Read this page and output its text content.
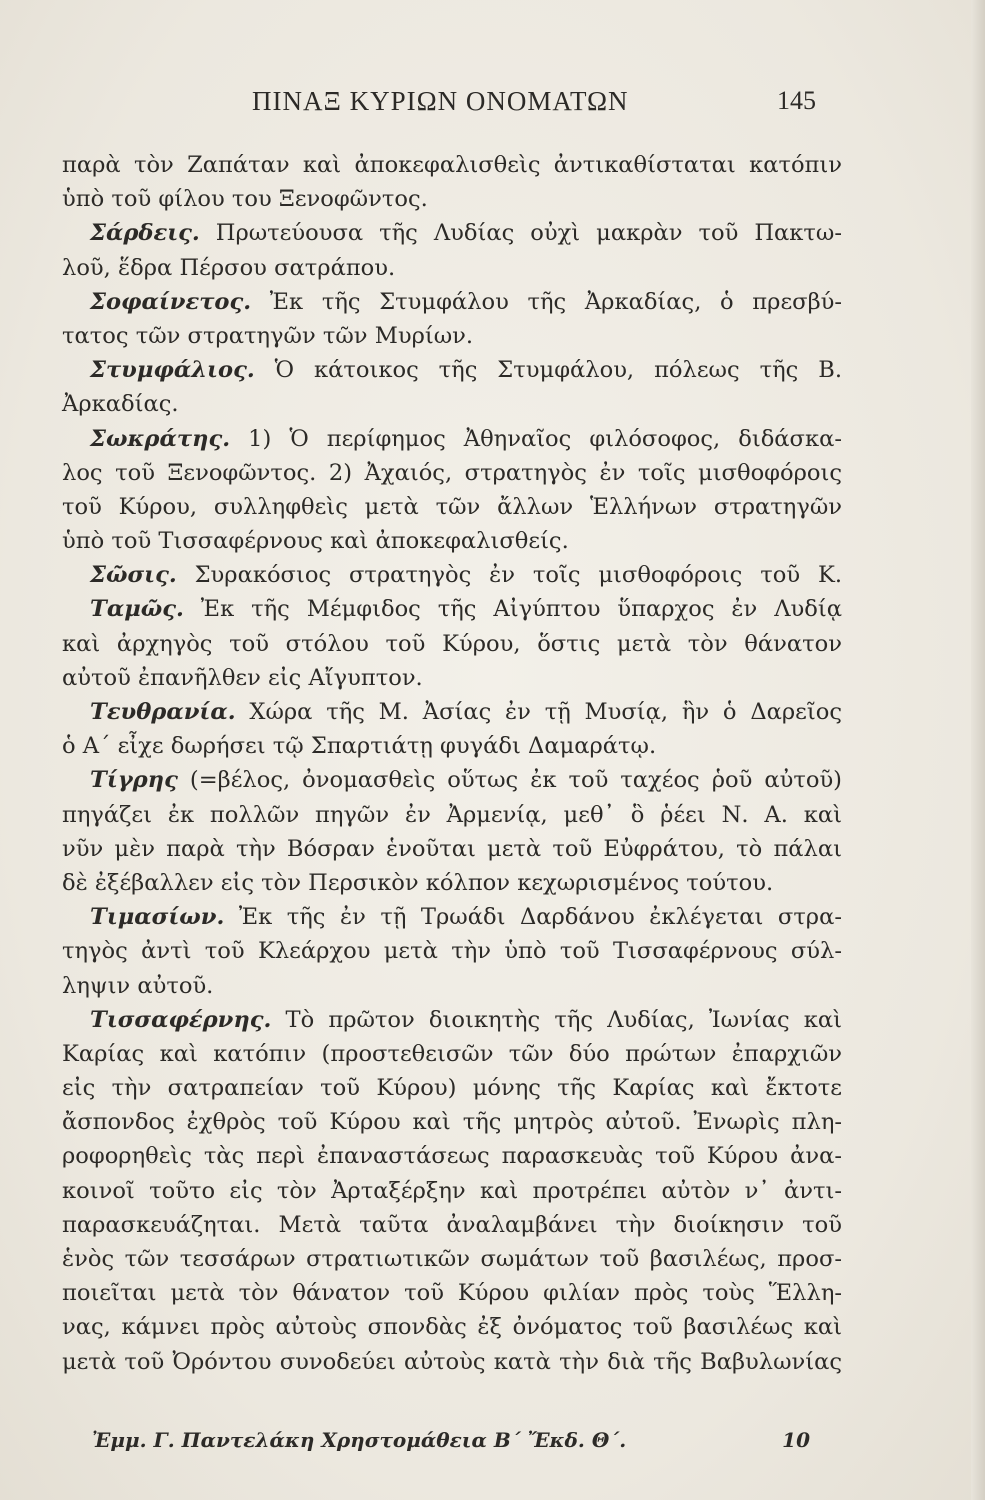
ΠΙΝΑΞ ΚΥΡΙΩΝ ΟΝΟΜΑΤΩΝ	145
παρὰ τὸν Ζαπάταν καὶ ἀποκεφαλισθεὶς ἀντικαθίσταται κατόπιν
ὑπὸ τοῦ φίλου του Ξενοφῶντος.
Σάρδεις. Πρωτεύουσα τῆς Λυδίας οὐχὶ μακρὰν τοῦ Πακτω-
λοῦ, ἕδρα Πέρσου σατράπου.
Σοφαίνετος. Ἐκ τῆς Στυμφάλου τῆς Ἀρκαδίας, ὁ πρεσβύ-
τατος τῶν στρατηγῶν τῶν Μυρίων.
Στυμφάλιος. Ὁ κάτοικος τῆς Στυμφάλου, πόλεως τῆς Β.
Ἀρκαδίας.
Σωκράτης. 1) Ὁ περίφημος Ἀθηναῖος φιλόσοφος, διδάσκα-
λος τοῦ Ξενοφῶντος. 2) Ἀχαιός, στρατηγὸς ἐν τοῖς μισθοφόροις
τοῦ Κύρου, συλληφθεὶς μετὰ τῶν ἄλλων Ἑλλήνων στρατηγῶν
ὑπὸ τοῦ Τισσαφέρνους καὶ ἀποκεφαλισθείς.
Σῶσις. Συρακόσιος στρατηγὸς ἐν τοῖς μισθοφόροις τοῦ Κ.
Ταμῶς. Ἐκ τῆς Μέμφιδος τῆς Αἰγύπτου ὕπαρχος ἐν Λυδίᾳ
καὶ ἀρχηγὸς τοῦ στόλου τοῦ Κύρου, ὅστις μετὰ τὸν θάνατον
αὐτοῦ ἐπανῆλθεν εἰς Αἴγυπτον.
Τευθρανία. Χώρα τῆς Μ. Ἀσίας ἐν τῇ Μυσίᾳ, ἣν ὁ Δαρεῖος
ὁ Α΄ εἶχε δωρήσει τῷ Σπαρτιάτῃ φυγάδι Δαμαράτῳ.
Τίγρης (=βέλος, ὀνομασθεὶς οὕτως ἐκ τοῦ ταχέος ῥοῦ αὐτοῦ)
πηγάζει ἐκ πολλῶν πηγῶν ἐν Ἀρμενίᾳ, μεθ᾽ ὃ ῥέει Ν. Α. καὶ
νῦν μὲν παρὰ τὴν Βόσραν ἑνοῦται μετὰ τοῦ Εὐφράτου, τὸ πάλαι
δὲ ἐξέβαλλεν εἰς τὸν Περσικὸν κόλπον κεχωρισμένος τούτου.
Τιμασίων. Ἐκ τῆς ἐν τῇ Τρωάδι Δαρδάνου ἐκλέγεται στρα-
τηγὸς ἀντὶ τοῦ Κλεάρχου μετὰ τὴν ὑπὸ τοῦ Τισσαφέρνους σύλ-
ληψιν αὐτοῦ.
Τισσαφέρνης. Τὸ πρῶτον διοικητὴς τῆς Λυδίας, Ἰωνίας καὶ
Καρίας καὶ κατόπιν (προστεθεισῶν τῶν δύο πρώτων ἐπαρχιῶν
εἰς τὴν σατραπείαν τοῦ Κύρου) μόνης τῆς Καρίας καὶ ἔκτοτε
ἄσπονδος ἐχθρὸς τοῦ Κύρου καὶ τῆς μητρὸς αὐτοῦ. Ἐνωρὶς πλη-
ροφορηθεὶς τὰς περὶ ἐπαναστάσεως παρασκευὰς τοῦ Κύρου ἀνα-
κοινοῖ τοῦτο εἰς τὸν Ἀρταξέρξην καὶ προτρέπει αὐτὸν ν᾽ ἀντι-
παρασκευάζηται. Μετὰ ταῦτα ἀναλαμβάνει τὴν διοίκησιν τοῦ
ἑνὸς τῶν τεσσάρων στρατιωτικῶν σωμάτων τοῦ βασιλέως, προσ-
ποιεῖται μετὰ τὸν θάνατον τοῦ Κύρου φιλίαν πρὸς τοὺς Ἕλλη-
νας, κάμνει πρὸς αὐτοὺς σπονδὰς ἐξ ὀνόματος τοῦ βασιλέως καὶ
μετὰ τοῦ Ὀρόντου συνοδεύει αὐτοὺς κατὰ τὴν διὰ τῆς Βαβυλωνίας
Ἐμμ. Γ. Παντελάκη Χρηστομάθεια Β΄ Ἔκδ. Θ΄.	10
